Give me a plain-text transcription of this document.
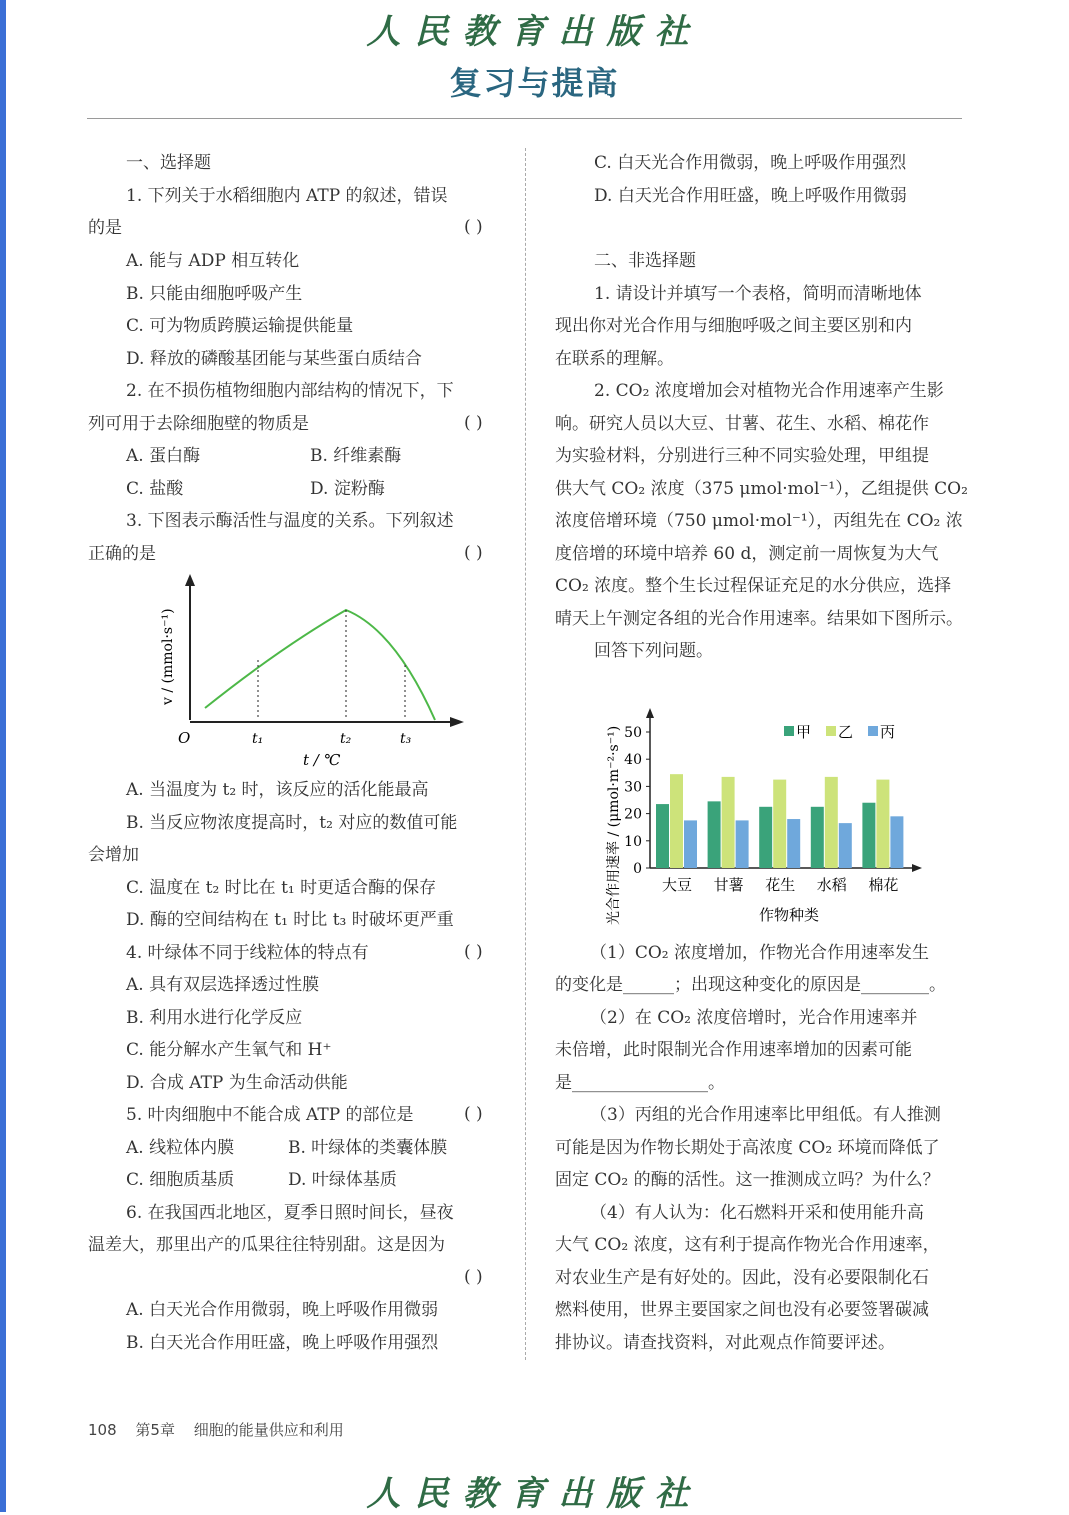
人民教育出版社
复习与提高
一、选择题
1. 下列关于水稻细胞内 ATP 的叙述，错误
的是
A. 能与 ADP 相互转化
B. 只能由细胞呼吸产生
C. 可为物质跨膜运输提供能量
D. 释放的磷酸基团能与某些蛋白质结合
2. 在不损伤植物细胞内部结构的情况下，下
列可用于去除细胞壁的物质是
A. 蛋白酶	B. 纤维素酶
C. 盐酸	D. 淀粉酶
3. 下图表示酶活性与温度的关系。下列叙述
正确的是
A. 当温度为 t₂ 时，该反应的活化能最高
B. 当反应物浓度提高时，t₂ 对应的数值可能
会增加
C. 温度在 t₂ 时比在 t₁ 时更适合酶的保存
D. 酶的空间结构在 t₁ 时比 t₃ 时破坏更严重
4. 叶绿体不同于线粒体的特点有
A. 具有双层选择透过性膜
B. 利用水进行化学反应
C. 能分解水产生氧气和 H⁺
D. 合成 ATP 为生命活动供能
5. 叶肉细胞中不能合成 ATP 的部位是
A. 线粒体内膜	B. 叶绿体的类囊体膜
C. 细胞质基质	D. 叶绿体基质
6. 在我国西北地区，夏季日照时间长，昼夜
温差大，那里出产的瓜果往往特别甜。这是因为
A. 白天光合作用微弱，晚上呼吸作用微弱
B. 白天光合作用旺盛，晚上呼吸作用强烈
( )
( )
( )
( )
( )
( )
C. 白天光合作用微弱，晚上呼吸作用强烈
D. 白天光合作用旺盛，晚上呼吸作用微弱
二、非选择题
1. 请设计并填写一个表格，简明而清晰地体
现出你对光合作用与细胞呼吸之间主要区别和内
在联系的理解。
2. CO₂ 浓度增加会对植物光合作用速率产生影
响。研究人员以大豆、甘薯、花生、水稻、棉花作
为实验材料，分别进行三种不同实验处理，甲组提
供大气 CO₂ 浓度（375 μmol·mol⁻¹），乙组提供 CO₂
浓度倍增环境（750 μmol·mol⁻¹），丙组先在 CO₂ 浓
度倍增的环境中培养 60 d，测定前一周恢复为大气
CO₂ 浓度。整个生长过程保证充足的水分供应，选择
晴天上午测定各组的光合作用速率。结果如下图所示。
回答下列问题。
（1）CO₂ 浓度增加，作物光合作用速率发生
的变化是______；出现这种变化的原因是________。
（2）在 CO₂ 浓度倍增时，光合作用速率并
未倍增，此时限制光合作用速率增加的因素可能
是________________。
（3）丙组的光合作用速率比甲组低。有人推测
可能是因为作物长期处于高浓度 CO₂ 环境而降低了
固定 CO₂ 的酶的活性。这一推测成立吗？为什么？
（4）有人认为：化石燃料开采和使用能升高
大气 CO₂ 浓度，这有利于提高作物光合作用速率，
对农业生产是有好处的。因此，没有必要限制化石
燃料使用，世界主要国家之间也没有必要签署碳减
排协议。请查找资料，对此观点作简要评述。
O	t₁	t₂	t₃
t / ℃
v / (mmol·s⁻¹)
0
10
20
30
40
50
大豆 甘薯 花生 水稻 棉花
甲 乙 丙
作物种类
光合作用速率 / (μmol·m⁻²·s⁻¹)
108 第5章 细胞的能量供应和利用
人民教育出版社
